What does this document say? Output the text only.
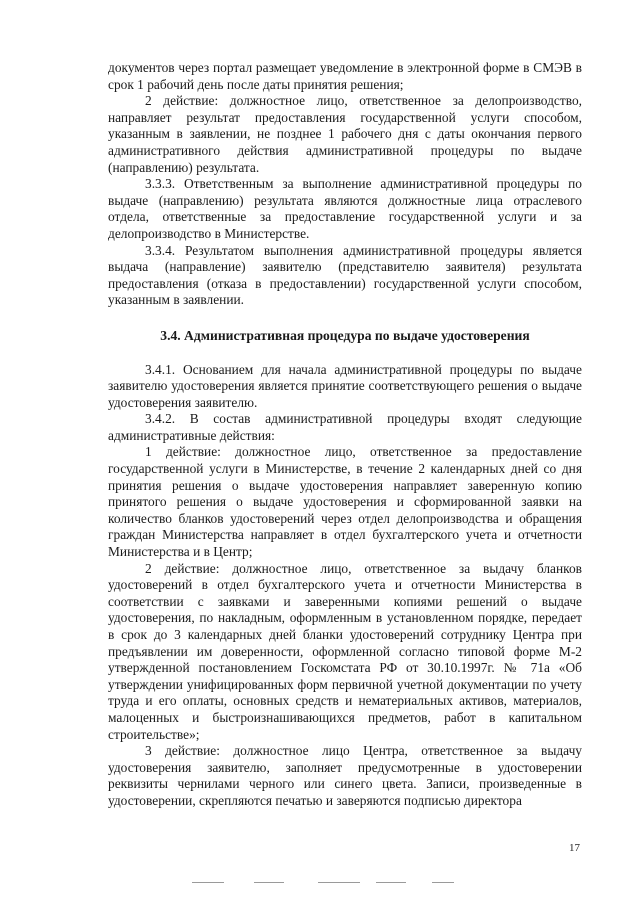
документов через портал размещает уведомление в электронной форме в СМЭВ в срок 1 рабочий день после даты принятия решения;

2 действие: должностное лицо, ответственное за делопроизводство, направляет результат предоставления государственной услуги способом, указанным в заявлении, не позднее 1 рабочего дня с даты окончания первого административного действия административной процедуры по выдаче (направлению) результата.

3.3.3. Ответственным за выполнение административной процедуры по выдаче (направлению) результата являются должностные лица отраслевого отдела, ответственные за предоставление государственной услуги и за делопроизводство в Министерстве.

3.3.4. Результатом выполнения административной процедуры является выдача (направление) заявителю (представителю заявителя) результата предоставления (отказа в предоставлении) государственной услуги способом, указанным в заявлении.

3.4. Административная процедура по выдаче удостоверения

3.4.1. Основанием для начала административной процедуры по выдаче заявителю удостоверения является принятие соответствующего решения о выдаче удостоверения заявителю.

3.4.2. В состав административной процедуры входят следующие административные действия:

1 действие: должностное лицо, ответственное за предоставление государственной услуги в Министерстве, в течение 2 календарных дней со дня принятия решения о выдаче удостоверения направляет заверенную копию принятого решения о выдаче удостоверения и сформированной заявки на количество бланков удостоверений через отдел делопроизводства и обращения граждан Министерства направляет в отдел бухгалтерского учета и отчетности Министерства и в Центр;

2 действие: должностное лицо, ответственное за выдачу бланков удостоверений в отдел бухгалтерского учета и отчетности Министерства в соответствии с заявками и заверенными копиями решений о выдаче удостоверения, по накладным, оформленным в установленном порядке, передает в срок до 3 календарных дней бланки удостоверений сотруднику Центра при предъявлении им доверенности, оформленной согласно типовой форме М-2 утвержденной постановлением Госкомстата РФ от 30.10.1997г. № 71а «Об утверждении унифицированных форм первичной учетной документации по учету труда и его оплаты, основных средств и нематериальных активов, материалов, малоценных и быстроизнашивающихся предметов, работ в капитальном строительстве»;

3 действие: должностное лицо Центра, ответственное за выдачу удостоверения заявителю, заполняет предусмотренные в удостоверении реквизиты чернилами черного или синего цвета. Записи, произведенные в удостоверении, скрепляются печатью и заверяются подписью директора

17
